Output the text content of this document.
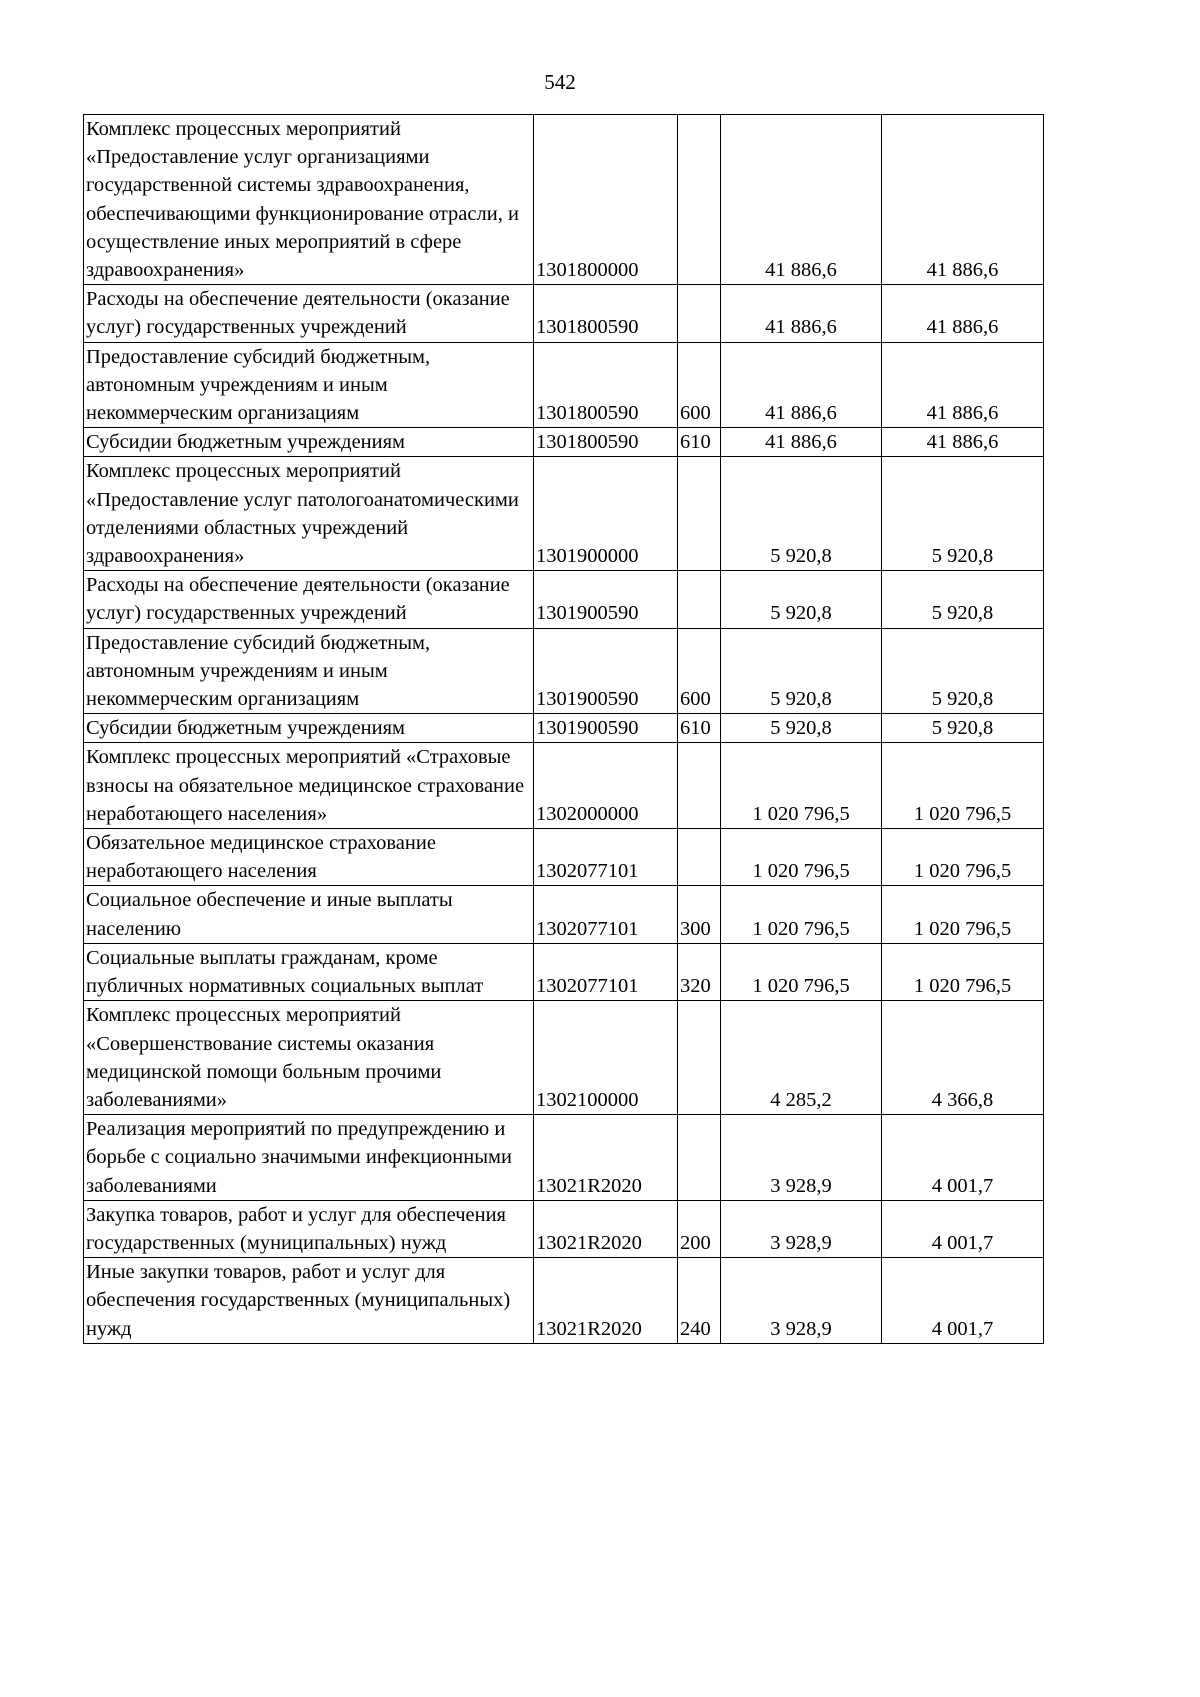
542
Комплекс процессных мероприятий «Предоставление услуг организациями государственной системы здравоохранения, обеспечивающими функционирование отрасли, и осуществление иных мероприятий в сфере здравоохранения»	1301800000		41 886,6	41 886,6
Расходы на обеспечение деятельности (оказание услуг) государственных учреждений	1301800590		41 886,6	41 886,6
Предоставление субсидий бюджетным, автономным учреждениям и иным некоммерческим организациям	1301800590	600	41 886,6	41 886,6
Субсидии бюджетным учреждениям	1301800590	610	41 886,6	41 886,6
Комплекс процессных мероприятий «Предоставление услуг патологоанатомическими отделениями областных учреждений здравоохранения»	1301900000		5 920,8	5 920,8
Расходы на обеспечение деятельности (оказание услуг) государственных учреждений	1301900590		5 920,8	5 920,8
Предоставление субсидий бюджетным, автономным учреждениям и иным некоммерческим организациям	1301900590	600	5 920,8	5 920,8
Субсидии бюджетным учреждениям	1301900590	610	5 920,8	5 920,8
Комплекс процессных мероприятий «Страховые взносы на обязательное медицинское страхование неработающего населения»	1302000000		1 020 796,5	1 020 796,5
Обязательное медицинское страхование неработающего населения	1302077101		1 020 796,5	1 020 796,5
Социальное обеспечение и иные выплаты населению	1302077101	300	1 020 796,5	1 020 796,5
Социальные выплаты гражданам, кроме публичных нормативных социальных выплат	1302077101	320	1 020 796,5	1 020 796,5
Комплекс процессных мероприятий «Совершенствование системы оказания медицинской помощи больным прочими заболеваниями»	1302100000		4 285,2	4 366,8
Реализация мероприятий по предупреждению и борьбе с социально значимыми инфекционными заболеваниями	13021R2020		3 928,9	4 001,7
Закупка товаров, работ и услуг для обеспечения государственных (муниципальных) нужд	13021R2020	200	3 928,9	4 001,7
Иные закупки товаров, работ и услуг для обеспечения государственных (муниципальных) нужд	13021R2020	240	3 928,9	4 001,7
